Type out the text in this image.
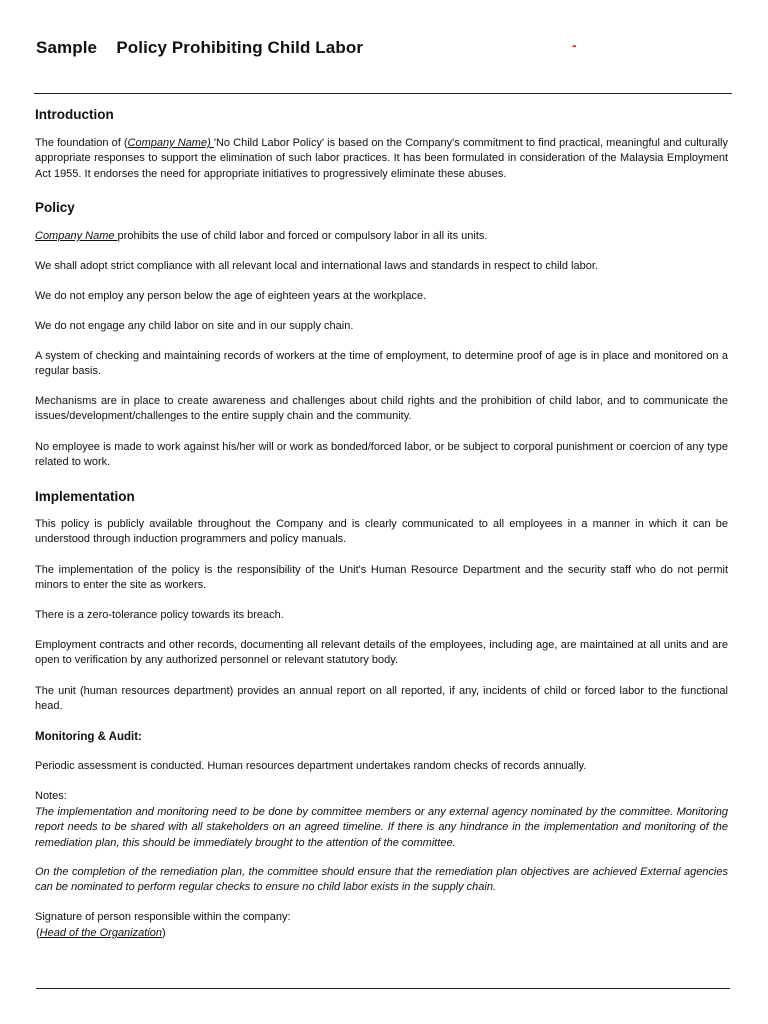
Sample    Policy Prohibiting Child Labor	-
Introduction
The foundation of (Company Name) 'No Child Labor Policy' is based on the Company's commitment to find practical, meaningful and culturally appropriate responses to support the elimination of such labor practices. It has been formulated in consideration of the Malaysia Employment Act 1955. It endorses the need for appropriate initiatives to progressively eliminate these abuses.
Policy
Company Name prohibits the use of child labor and forced or compulsory labor in all its units.
We shall adopt strict compliance with all relevant local and international laws and standards in respect to child labor.
We do not employ any person below the age of eighteen years at the workplace.
We do not engage any child labor on site and in our supply chain.
A system of checking and maintaining records of workers at the time of employment, to determine proof of age is in place and monitored on a regular basis.
Mechanisms are in place to create awareness and challenges about child rights and the prohibition of child labor, and to communicate the issues/development/challenges to the entire supply chain and the community.
No employee is made to work against his/her will or work as bonded/forced labor, or be subject to corporal punishment or coercion of any type related to work.
Implementation
This policy is publicly available throughout the Company and is clearly communicated to all employees in a manner in which it can be understood through induction programmers and policy manuals.
The implementation of the policy is the responsibility of the Unit's Human Resource Department and the security staff who do not permit minors to enter the site as workers.
There is a zero-tolerance policy towards its breach.
Employment contracts and other records, documenting all relevant details of the employees, including age, are maintained at all units and are open to verification by any authorized personnel or relevant statutory body.
The unit (human resources department) provides an annual report on all reported, if any, incidents of child or forced labor to the functional head.
Monitoring & Audit:
Periodic assessment is conducted. Human resources department undertakes random checks of records annually.
Notes:
The implementation and monitoring need to be done by committee members or any external agency nominated by the committee. Monitoring report needs to be shared with all stakeholders on an agreed timeline. If there is any hindrance in the implementation and monitoring of the remediation plan, this should be immediately brought to the attention of the committee.
On the completion of the remediation plan, the committee should ensure that the remediation plan objectives are achieved External agencies can be nominated to perform regular checks to ensure no child labor exists in the supply chain.
Signature of person responsible within the company:
(Head of the Organization)
